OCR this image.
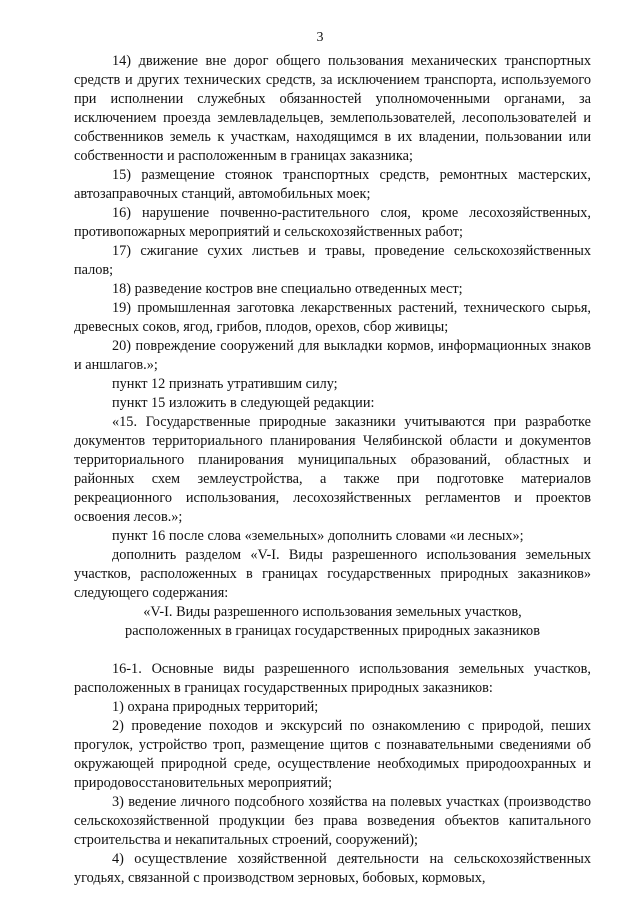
3

14) движение вне дорог общего пользования механических транспортных средств и других технических средств, за исключением транспорта, используемого при исполнении служебных обязанностей уполномоченными органами, за исключением проезда землевладельцев, землепользователей, лесопользователей и собственников земель к участкам, находящимся в их владении, пользовании или собственности и расположенным в границах заказника;

15) размещение стоянок транспортных средств, ремонтных мастерских, автозаправочных станций, автомобильных моек;

16) нарушение почвенно-растительного слоя, кроме лесохозяйственных, противопожарных мероприятий и сельскохозяйственных работ;

17) сжигание сухих листьев и травы, проведение сельскохозяйственных палов;

18) разведение костров вне специально отведенных мест;

19) промышленная заготовка лекарственных растений, технического сырья, древесных соков, ягод, грибов, плодов, орехов, сбор живицы;

20) повреждение сооружений для выкладки кормов, информационных знаков и аншлагов.»;

пункт 12 признать утратившим силу;

пункт 15 изложить в следующей редакции:

«15. Государственные природные заказники учитываются при разработке документов территориального планирования Челябинской области и документов территориального планирования муниципальных образований, областных и районных схем землеустройства, а также при подготовке материалов рекреационного использования, лесохозяйственных регламентов и проектов освоения лесов.»;

пункт 16 после слова «земельных» дополнить словами «и лесных»;

дополнить разделом «V-I. Виды разрешенного использования земельных участков, расположенных в границах государственных природных заказников» следующего содержания:

«V-I. Виды разрешенного использования земельных участков,

расположенных в границах государственных природных заказников

16-1. Основные виды разрешенного использования земельных участков, расположенных в границах государственных природных заказников:

1) охрана природных территорий;

2) проведение походов и экскурсий по ознакомлению с природой, пеших прогулок, устройство троп, размещение щитов с познавательными сведениями об окружающей природной среде, осуществление необходимых природоохранных и природовосстановительных мероприятий;

3) ведение личного подсобного хозяйства на полевых участках (производство сельскохозяйственной продукции без права возведения объектов капитального строительства и некапитальных строений, сооружений);

4) осуществление хозяйственной деятельности на сельскохозяйственных угодьях, связанной с производством зерновых, бобовых, кормовых,
